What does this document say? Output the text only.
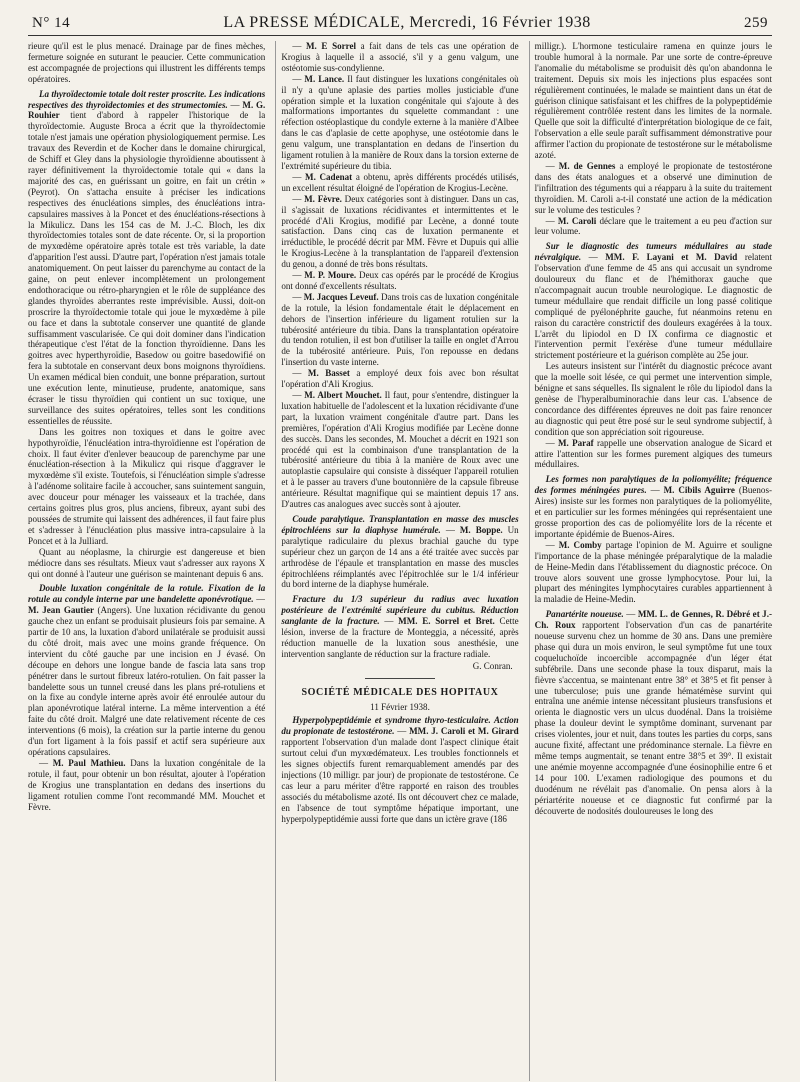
N° 14	LA PRESSE MÉDICALE, Mercredi, 16 Février 1938	259

rieure qu'il est le plus menacé. Drainage par de fines mèches, fermeture soignée en suturant le peaucier. Cette communication est accompagnée de projections qui illustrent les différents temps opératoires.

La thyroïdectomie totale doit rester proscrite. Les indications respectives des thyroïdectomies et des strumectomies. — M. G. Rouhier tient d'abord à rappeler l'historique de la thyroïdectomie. Auguste Broca a écrit que la thyroïdectomie totale n'est jamais une opération physiologiquement permise. Les travaux des Reverdin et de Kocher dans le domaine chirurgical, de Schiff et Gley dans la physiologie thyroïdienne aboutissent à rayer définitivement la thyroïdectomie totale qui « dans la majorité des cas, en guérissant un goitre, en fait un crétin » (Peyrot). On s'attacha ensuite à préciser les indications respectives des énucléations simples, des énucléations intra-capsulaires massives à la Poncet et des énucléations-résections à la Mikulicz. Dans les 154 cas de M. J.-C. Bloch, les dix thyroïdectomies totales sont de date récente. Or, si la proportion de myxœdème opératoire après totale est très variable, la date d'apparition l'est aussi. D'autre part, l'opération n'est jamais totale anatomiquement. On peut laisser du parenchyme au contact de la gaine, on peut enlever incomplètement un prolongement endothoracique ou rétro-pharyngien et le rôle de suppléance des glandes thyroïdes aberrantes reste imprévisible. Aussi, doit-on proscrire la thyroïdectomie totale qui joue le myxœdème à pile ou face et dans la subtotale conserver une quantité de glande suffisamment vascularisée. Ce qui doit dominer dans l'indication thérapeutique c'est l'état de la fonction thyroïdienne. Dans les goitres avec hyperthyroïdie, Basedow ou goitre basedowifié on fera la subtotale en conservant deux bons moignons thyroïdiens. Un examen médical bien conduit, une bonne préparation, surtout une exécution lente, minutieuse, prudente, anatomique, sans écraser le tissu thyroïdien qui contient un suc toxique, une surveillance des suites opératoires, telles sont les conditions essentielles de réussite.

Dans les goitres non toxiques et dans le goitre avec hypothyroïdie, l'énucléation intra-thyroïdienne est l'opération de choix. Il faut éviter d'enlever beaucoup de parenchyme par une énucléation-résection à la Mikulicz qui risque d'aggraver le myxœdème s'il existe. Toutefois, si l'énucléation simple s'adresse à l'adénome solitaire facile à accoucher, sans suintement sanguin, avec douceur pour ménager les vaisseaux et la trachée, dans certains goitres plus gros, plus anciens, fibreux, ayant subi des poussées de strumite qui laissent des adhérences, il faut faire plus et s'adresser à l'énucléation plus massive intra-capsulaire à la Poncet et à la Julliard.

Quant au néoplasme, la chirurgie est dangereuse et bien médiocre dans ses résultats. Mieux vaut s'adresser aux rayons X qui ont donné à l'auteur une guérison se maintenant depuis 6 ans.

Double luxation congénitale de la rotule. Fixation de la rotule au condyle interne par une bandelette aponévrotique. — M. Jean Gautier (Angers). Une luxation récidivante du genou gauche chez un enfant se produisait plusieurs fois par semaine. A partir de 10 ans, la luxation d'abord unilatérale se produisit aussi du côté droit, mais avec une moins grande fréquence. On intervient du côté gauche par une incision en J évasé. On découpe en dehors une longue bande de fascia lata sans trop pénétrer dans le surtout fibreux latéro-rotulien. On fait passer la bandelette sous un tunnel creusé dans les plans pré-rotuliens et on la fixe au condyle interne après avoir été enroulée autour du plan aponévrotique latéral interne. La même intervention a été faite du côté droit. Malgré une date relativement récente de ces interventions (6 mois), la création sur la partie interne du genou d'un fort ligament à la fois passif et actif sera supérieure aux opérations capsulaires.

— M. Paul Mathieu. Dans la luxation congénitale de la rotule, il faut, pour obtenir un bon résultat, ajouter à l'opération de Krogius une transplantation en dedans des insertions du ligament rotulien comme l'ont recommandé MM. Mouchet et Fèvre.

— M. E Sorrel a fait dans de tels cas une opération de Krogius à laquelle il a associé, s'il y a genu valgum, une ostéotomie sus-condylienne.

— M. Lance. Il faut distinguer les luxations congénitales où il n'y a qu'une aplasie des parties molles justiciable d'une opération simple et la luxation congénitale qui s'ajoute à des malformations importantes du squelette commandant : une réfection ostéoplastique du condyle externe à la manière d'Albee dans le cas d'aplasie de cette apophyse, une ostéotomie dans le genu valgum, une transplantation en dedans de l'insertion du ligament rotulien à la manière de Roux dans la torsion externe de l'extrémité supérieure du tibia.

— M. Cadenat a obtenu, après différents procédés utilisés, un excellent résultat éloigné de l'opération de Krogius-Lecène.

— M. Fèvre. Deux catégories sont à distinguer. Dans un cas, il s'agissait de luxations récidivantes et intermittentes et le procédé d'Ali Krogius, modifié par Lecène, a donné toute satisfaction. Dans cinq cas de luxation permanente et irréductible, le procédé décrit par MM. Fèvre et Dupuis qui allie le Krogius-Lecène à la transplantation de l'appareil d'extension du genou, a donné de très bons résultats.

— M. P. Moure. Deux cas opérés par le procédé de Krogius ont donné d'excellents résultats.

— M. Jacques Leveuf. Dans trois cas de luxation congénitale de la rotule, la lésion fondamentale était le déplacement en dehors de l'insertion inférieure du ligament rotulien sur la tubérosité antérieure du tibia. Dans la transplantation opératoire du tendon rotulien, il est bon d'utiliser la taille en onglet d'Arrou de la tubérosité antérieure. Puis, l'on repousse en dedans l'insertion du vaste interne.

— M. Basset a employé deux fois avec bon résultat l'opération d'Ali Krogius.

— M. Albert Mouchet. Il faut, pour s'entendre, distinguer la luxation habituelle de l'adolescent et la luxation récidivante d'une part, la luxation vraiment congénitale d'autre part. Dans les premières, l'opération d'Ali Krogius modifiée par Lecène donne des succès. Dans les secondes, M. Mouchet a décrit en 1921 son procédé qui est la combinaison d'une transplantation de la tubérosité antérieure du tibia à la manière de Roux avec une autoplastie capsulaire qui consiste à disséquer l'appareil rotulien et à le passer au travers d'une boutonnière de la capsule fibreuse antérieure. Résultat magnifique qui se maintient depuis 17 ans. D'autres cas analogues avec succès sont à ajouter.

Coude paralytique. Transplantation en masse des muscles épitrochléens sur la diaphyse humérale. — M. Boppe. Un paralytique radiculaire du plexus brachial gauche du type supérieur chez un garçon de 14 ans a été traitée avec succès par arthrodèse de l'épaule et transplantation en masse des muscles épitrochléens réimplantés avec l'épitrochlée sur le 1/4 inférieur du bord interne de la diaphyse humérale.

Fracture du 1/3 supérieur du radius avec luxation postérieure de l'extrémité supérieure du cubitus. Réduction sanglante de la fracture. — MM. E. Sorrel et Bret. Cette lésion, inverse de la fracture de Monteggia, a nécessité, après réduction manuelle de la luxation sous anesthésie, une intervention sanglante de réduction sur la fracture radiale.

G. Conran.
SOCIÉTÉ MÉDICALE DES HOPITAUX
11 Février 1938.

Hyperpolypeptidémie et syndrome thyro-testiculaire. Action du propionate de testostérone. — MM. J. Caroli et M. Girard rapportent l'observation d'un malade dont l'aspect clinique était surtout celui d'un myxœdémateux. Les troubles fonctionnels et les signes objectifs furent remarquablement amendés par des injections (10 milligr. par jour) de propionate de testostérone. Ce cas leur a paru mériter d'être rapporté en raison des troubles associés du métabolisme azoté. Ils ont découvert chez ce malade, en l'absence de tout symptôme hépatique important, une hyperpolypeptidémie aussi forte que dans un ictère grave (186

milligr.). L'hormone testiculaire ramena en quinze jours le trouble humoral à la normale. Par une sorte de contre-épreuve l'anomalie du métabolisme se produisit dès qu'on abandonna le traitement. Depuis six mois les injections plus espacées sont régulièrement continuées, le malade se maintient dans un état de guérison clinique satisfaisant et les chiffres de la polypeptidémie régulièrement contrôlée restent dans les limites de la normale. Quelle que soit la difficulté d'interprétation biologique de ce fait, l'observation a elle seule paraît suffisamment démonstrative pour affirmer l'action du propionate de testostérone sur le métabolisme azoté.

— M. de Gennes a employé le propionate de testostérone dans des états analogues et a observé une diminution de l'infiltration des téguments qui a réapparu à la suite du traitement thyroïdien. M. Caroli a-t-il constaté une action de la médication sur le volume des testicules ?

— M. Caroli déclare que le traitement a eu peu d'action sur leur volume.

Sur le diagnostic des tumeurs médullaires au stade névralgique. — MM. F. Layani et M. David relatent l'observation d'une femme de 45 ans qui accusait un syndrome douloureux du flanc et de l'hémithorax gauche que n'accompagnait aucun trouble neurologique. Le diagnostic de tumeur médullaire que rendait difficile un long passé colitique compliqué de pyélonéphrite gauche, fut néanmoins retenu en raison du caractère constrictif des douleurs exagérées à la toux. L'arrêt du lipiodol en D IX confirma ce diagnostic et l'intervention permit l'exérèse d'une tumeur médullaire strictement postérieure et la guérison complète au 25e jour.

Les auteurs insistent sur l'intérêt du diagnostic précoce avant que la moelle soit lésée, ce qui permet une intervention simple, bénigne et sans séquelles. Ils signalent le rôle du lipiodol dans la genèse de l'hyperalbuminorachie dans leur cas. L'absence de concordance des différentes épreuves ne doit pas faire renoncer au diagnostic qui peut être posé sur le seul syndrome subjectif, à condition que son appréciation soit rigoureuse.

— M. Paraf rappelle une observation analogue de Sicard et attire l'attention sur les formes purement algiques des tumeurs médullaires.

Les formes non paralytiques de la poliomyélite; fréquence des formes méningées pures. — M. Cibils Aguirre (Buenos-Aires) insiste sur les formes non paralytiques de la poliomyélite, et en particulier sur les formes méningées qui représentaient une grosse proportion des cas de poliomyélite lors de la récente et importante épidémie de Buenos-Aires.

— M. Comby partage l'opinion de M. Aguirre et souligne l'importance de la phase méningée préparalytique de la maladie de Heine-Medin dans l'établissement du diagnostic précoce. On trouve alors souvent une grosse lymphocytose. Pour lui, la plupart des méningites lymphocytaires curables appartiennent à la maladie de Heine-Medin.

Panartérite noueuse. — MM. L. de Gennes, R. Débré et J.-Ch. Roux rapportent l'observation d'un cas de panartérite noueuse survenu chez un homme de 30 ans. Dans une première phase qui dura un mois environ, le seul symptôme fut une toux coqueluchoïde incoercible accompagnée d'un léger état subfébrile. Dans une seconde phase la toux disparut, mais la fièvre s'accentua, se maintenant entre 38° et 38°5 et fit penser à une tuberculose; puis une grande hématémèse survint qui entraîna une anémie intense nécessitant plusieurs transfusions et orienta le diagnostic vers un ulcus duodénal. Dans la troisième phase la douleur devint le symptôme dominant, survenant par crises violentes, jour et nuit, dans toutes les parties du corps, sans aucune fixité, affectant une prédominance sternale. La fièvre en même temps augmentait, se tenant entre 38°5 et 39°. Il existait une anémie moyenne accompagnée d'une éosinophilie entre 6 et 14 pour 100. L'examen radiologique des poumons et du duodénum ne révélait pas d'anomalie. On pensa alors à la périartérite noueuse et ce diagnostic fut confirmé par la découverte de nodosités douloureuses le long des
